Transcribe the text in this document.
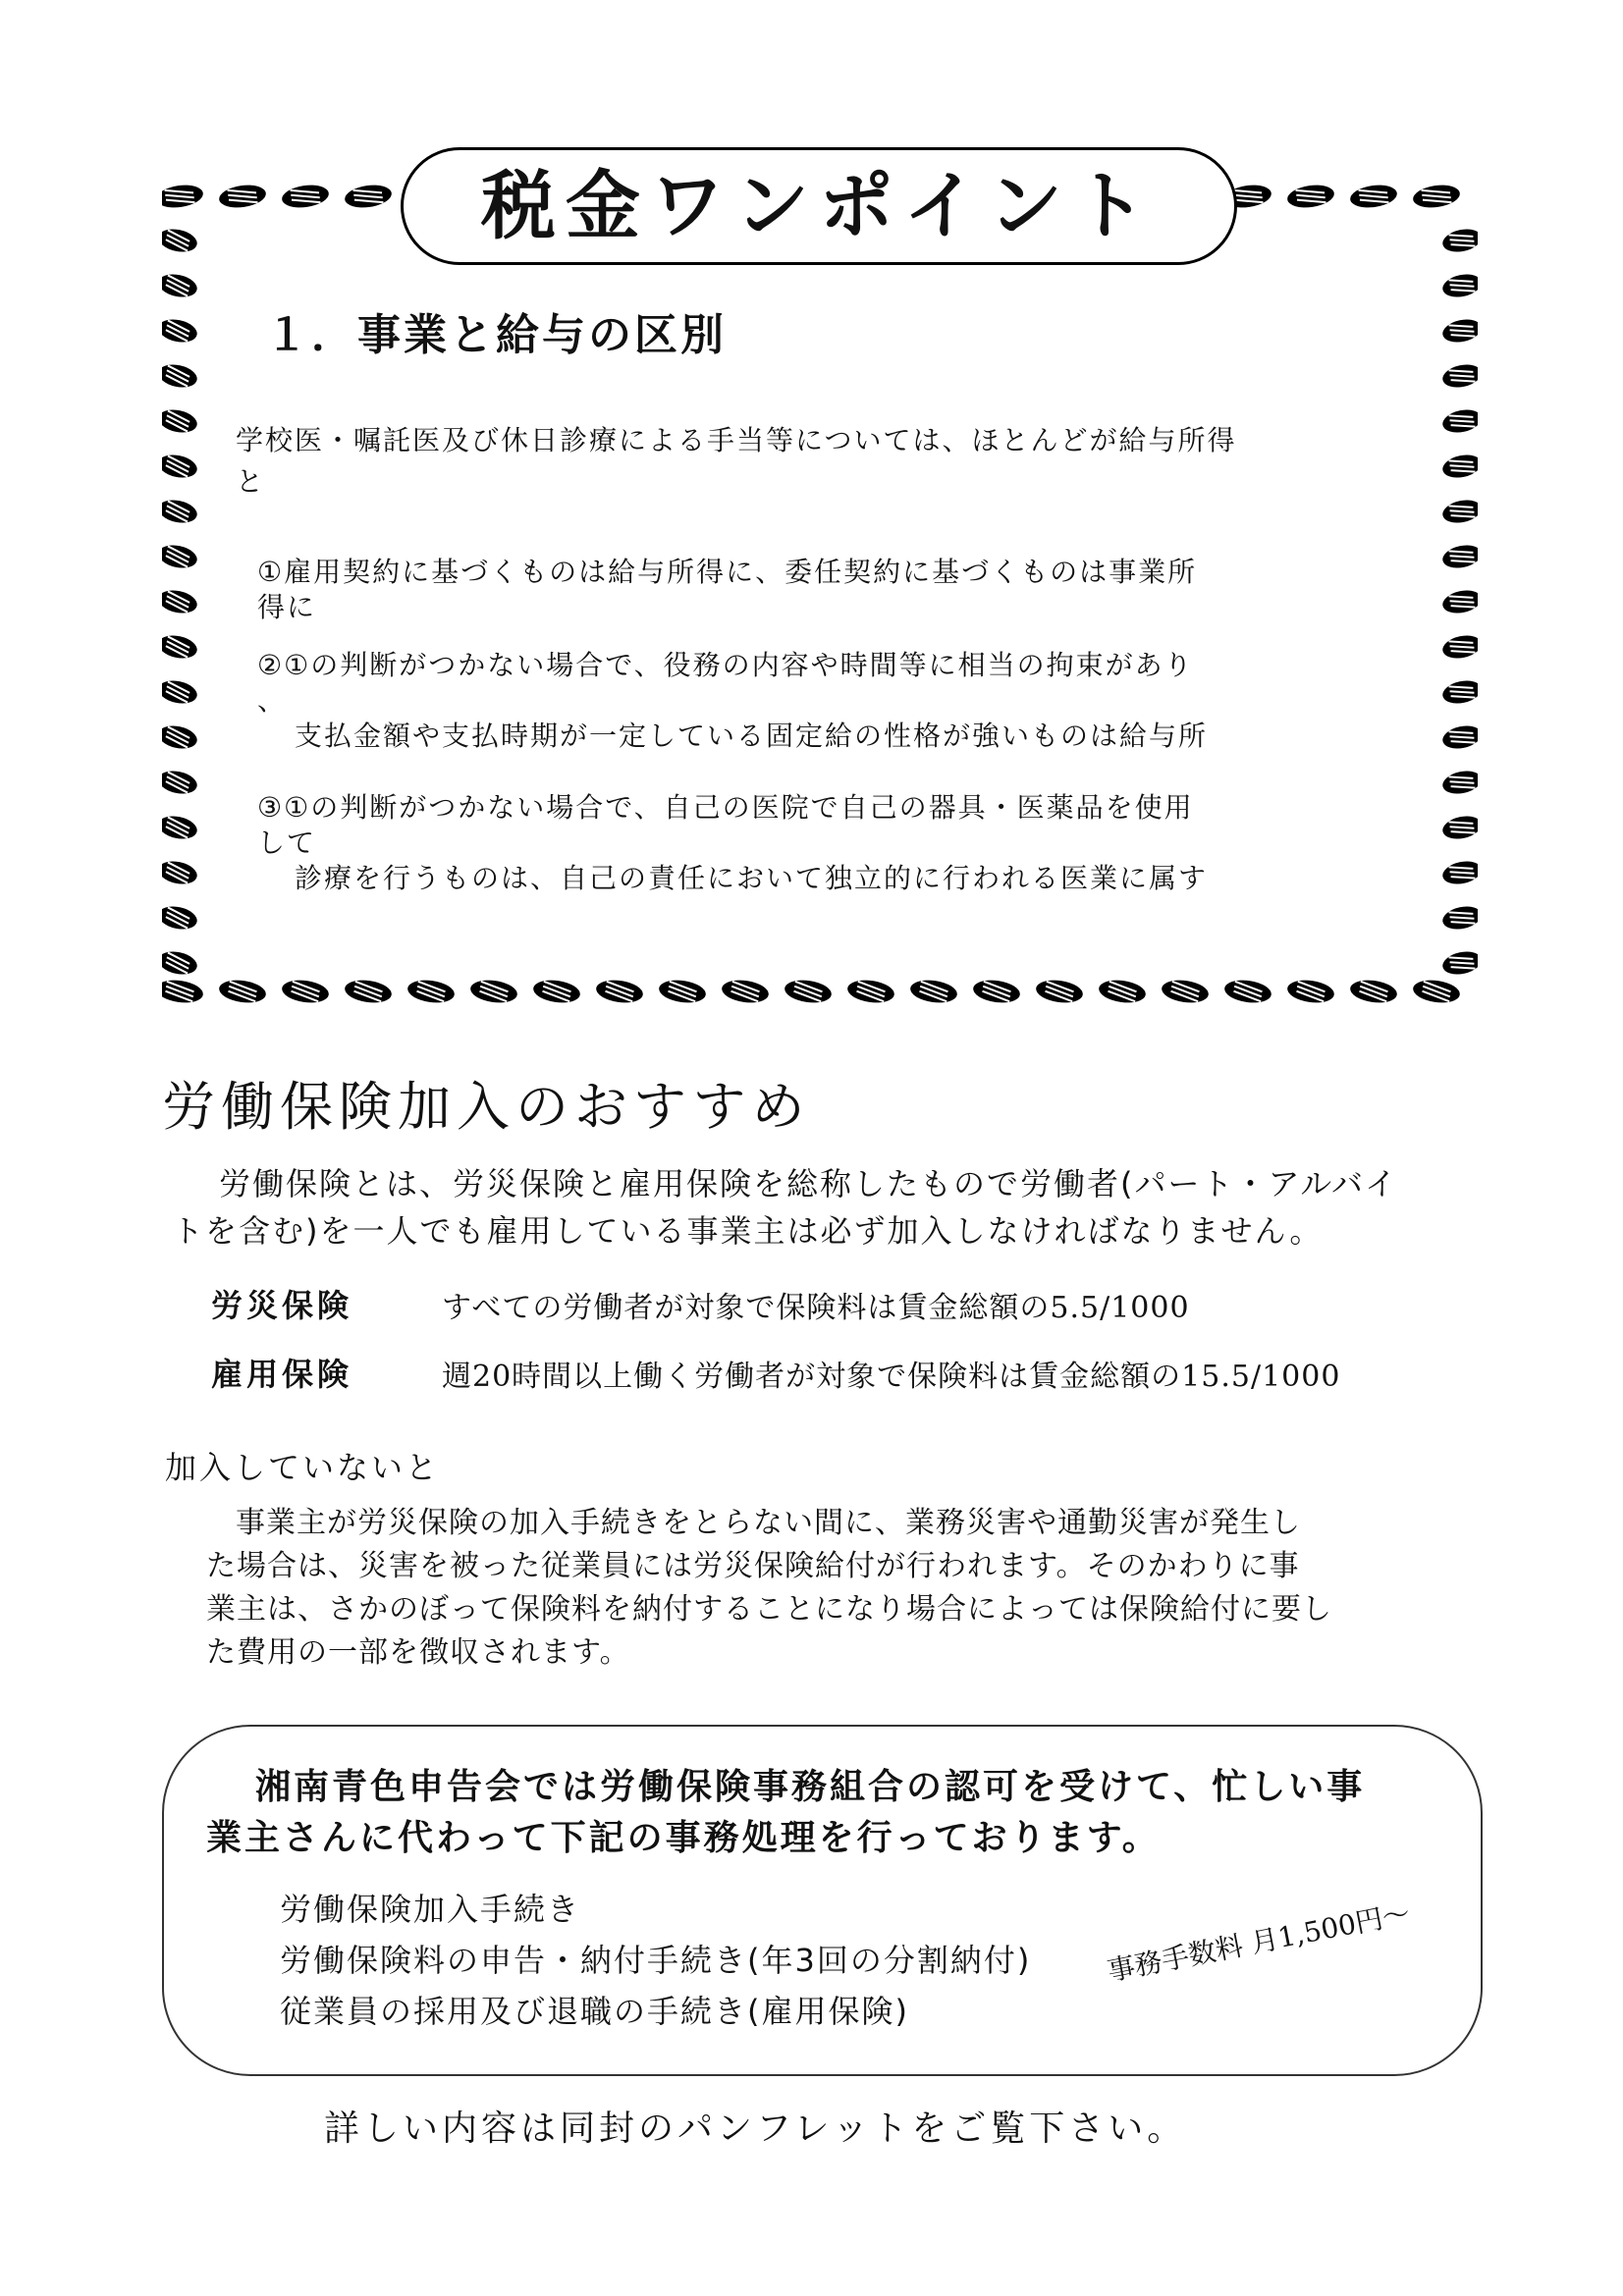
税金ワンポイント
１．事業と給与の区別
学校医・嘱託医及び休日診療による手当等については、ほとんどが給与所得
と
①雇用契約に基づくものは給与所得に、委任契約に基づくものは事業所
得に
②①の判断がつかない場合で、役務の内容や時間等に相当の拘束があり
、

支払金額や支払時期が一定している固定給の性格が強いものは給与所
③①の判断がつかない場合で、自己の医院で自己の器具・医薬品を使用
して

診療を行うものは、自己の責任において独立的に行われる医業に属す
労働保険加入のおすすめ
労働保険とは、労災保険と雇用保険を総称したもので労働者(パート・アルバイ
トを含む)を一人でも雇用している事業主は必ず加入しなければなりません。
労災保険	すべての労働者が対象で保険料は賃金総額の5.5/1000
雇用保険	週20時間以上働く労働者が対象で保険料は賃金総額の15.5/1000
加入していないと
事業主が労災保険の加入手続きをとらない間に、業務災害や通勤災害が発生し
た場合は、災害を被った従業員には労災保険給付が行われます。そのかわりに事
業主は、さかのぼって保険料を納付することになり場合によっては保険給付に要し
た費用の一部を徴収されます。
湘南青色申告会では労働保険事務組合の認可を受けて、忙しい事
業主さんに代わって下記の事務処理を行っております。
労働保険加入手続き
労働保険料の申告・納付手続き(年3回の分割納付)
従業員の採用及び退職の手続き(雇用保険)
事務手数料 月1,500円～
詳しい内容は同封のパンフレットをご覧下さい。
